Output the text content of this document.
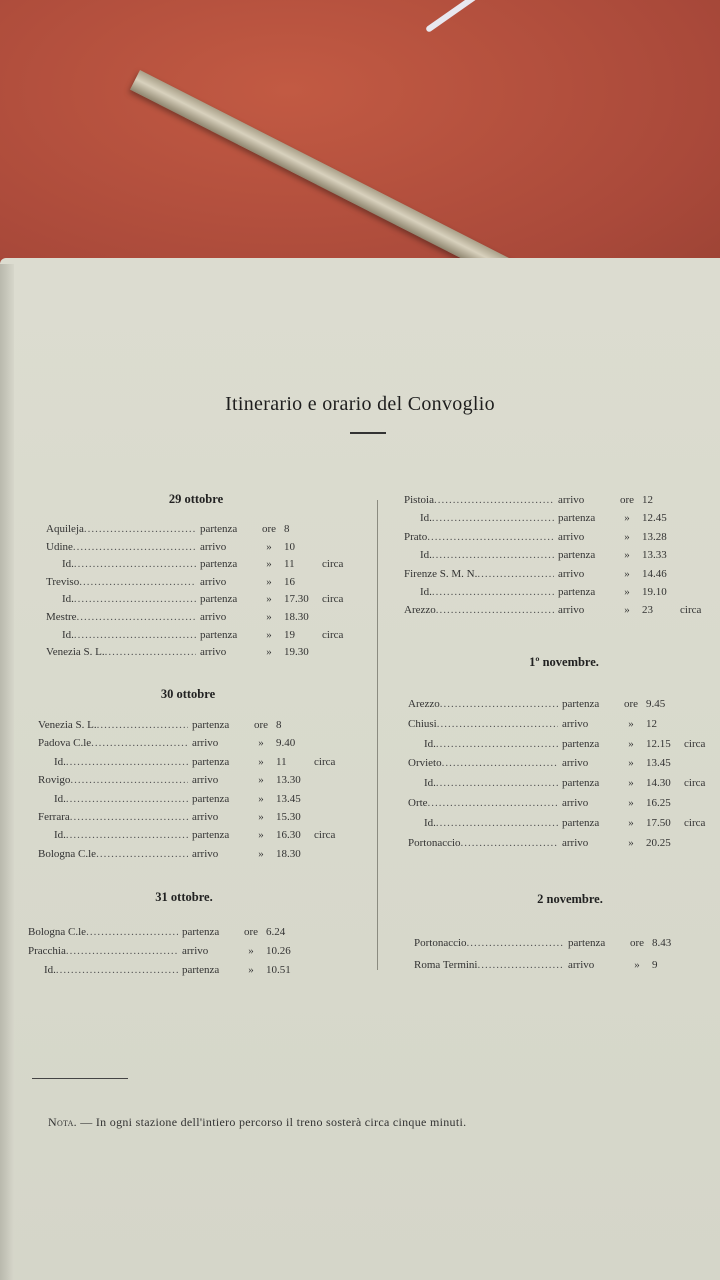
Itinerario e orario del Convoglio
29 ottobre
Aquileja .....	partenza	ore 8
Udine .....	arrivo	»	10
Id. .....	partenza	»	11	circa
Treviso .....	arrivo	»	16
Id. .....	partenza	»	17.30	circa
Mestre .....	arrivo	»	18.30
Id. .....	partenza	»	19	circa
Venezia S. L. .....	arrivo	»	19.30
30 ottobre
Venezia S. L. .....	partenza	ore 8
Padova C.le .....	arrivo	»	9.40
Id. .....	partenza	»	11	circa
Rovigo .....	arrivo	»	13.30
Id. .....	partenza	»	13.45
Ferrara .....	arrivo	»	15.30
Id. .....	partenza	»	16.30	circa
Bologna C.le .....	arrivo	»	18.30
31 ottobre.
Bologna C.le .....	partenza	ore 6.24
Pracchia .....	arrivo	»	10.26
Id. .....	partenza	»	10.51
Pistoia .....	arrivo	ore 12
Id. .....	partenza	»	12.45
Prato .....	arrivo	»	13.28
Id. .....	partenza	»	13.33
Firenze S. M. N. .....	arrivo	»	14.46
Id. .....	partenza	»	19.10
Arezzo .....	arrivo	»	23	circa
1º novembre.
Arezzo .....	partenza	ore 9.45
Chiusi .....	arrivo	»	12
Id. .....	partenza	»	12.15	circa
Orvieto .....	arrivo	»	13.45
Id. .....	partenza	»	14.30	circa
Orte .....	arrivo	»	16.25
Id. .....	partenza	»	17.50	circa
Portonaccio .....	arrivo	»	20.25
2 novembre.
Portonaccio .....	partenza	ore 8.43
Roma Termini .....	arrivo	»	9
Nota. — In ogni stazione dell'intiero percorso il treno sosterà circa cinque minuti.
